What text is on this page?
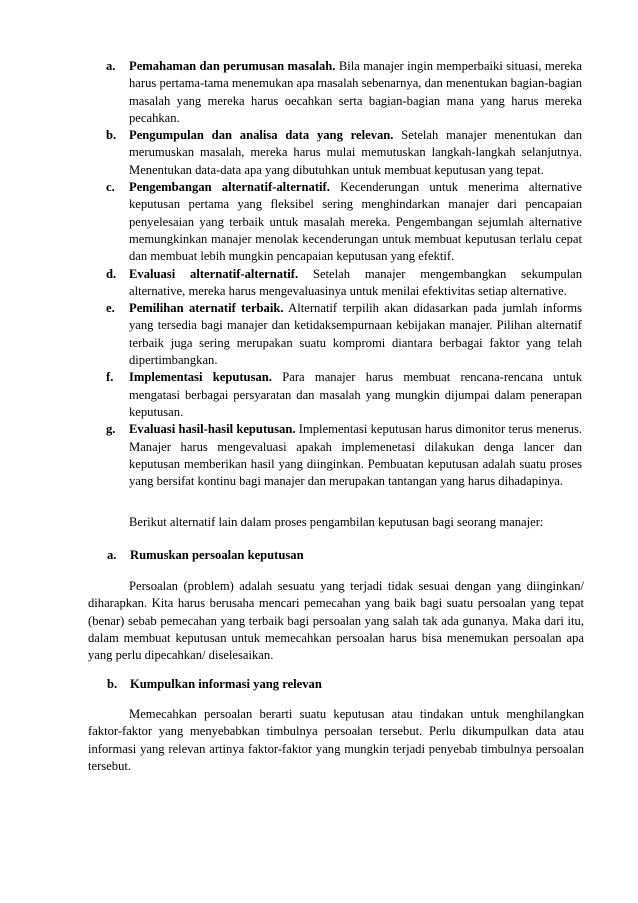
a. Pemahaman dan perumusan masalah. Bila manajer ingin memperbaiki situasi, mereka harus pertama-tama menemukan apa masalah sebenarnya, dan menentukan bagian-bagian masalah yang mereka harus oecahkan serta bagian-bagian mana yang harus mereka pecahkan.

b. Pengumpulan dan analisa data yang relevan. Setelah manajer menentukan dan merumuskan masalah, mereka harus mulai memutuskan langkah-langkah selanjutnya. Menentukan data-data apa yang dibutuhkan untuk membuat keputusan yang tepat.

c. Pengembangan alternatif-alternatif. Kecenderungan untuk menerima alternative keputusan pertama yang fleksibel sering menghindarkan manajer dari pencapaian penyelesaian yang terbaik untuk masalah mereka. Pengembangan sejumlah alternative memungkinkan manajer menolak kecenderungan untuk membuat keputusan terlalu cepat dan membuat lebih mungkin pencapaian keputusan yang efektif.

d. Evaluasi alternatif-alternatif. Setelah manajer mengembangkan sekumpulan alternative, mereka harus mengevaluasinya untuk menilai efektivitas setiap alternative.

e. Pemilihan aternatif terbaik. Alternatif terpilih akan didasarkan pada jumlah informs yang tersedia bagi manajer dan ketidaksempurnaan kebijakan manajer. Pilihan alternatif terbaik juga sering merupakan suatu kompromi diantara berbagai faktor yang telah dipertimbangkan.

f. Implementasi keputusan. Para manajer harus membuat rencana-rencana untuk mengatasi berbagai persyaratan dan masalah yang mungkin dijumpai dalam penerapan keputusan.

g. Evaluasi hasil-hasil keputusan. Implementasi keputusan harus dimonitor terus menerus. Manajer harus mengevaluasi apakah implemenetasi dilakukan denga lancer dan keputusan memberikan hasil yang diinginkan. Pembuatan keputusan adalah suatu proses yang bersifat kontinu bagi manajer dan merupakan tantangan yang harus dihadapinya.

Berikut alternatif lain dalam proses pengambilan keputusan bagi seorang manajer:
a. Rumuskan persoalan keputusan

Persoalan (problem) adalah sesuatu yang terjadi tidak sesuai dengan yang diinginkan/ diharapkan. Kita harus berusaha mencari pemecahan yang baik bagi suatu persoalan yang tepat (benar) sebab pemecahan yang terbaik bagi persoalan yang salah tak ada gunanya. Maka dari itu, dalam membuat keputusan untuk memecahkan persoalan harus bisa menemukan persoalan apa yang perlu dipecahkan/ diselesaikan.

b. Kumpulkan informasi yang relevan

Memecahkan persoalan berarti suatu keputusan atau tindakan untuk menghilangkan faktor-faktor yang menyebabkan timbulnya persoalan tersebut. Perlu dikumpulkan data atau informasi yang relevan artinya faktor-faktor yang mungkin terjadi penyebab timbulnya persoalan tersebut.
